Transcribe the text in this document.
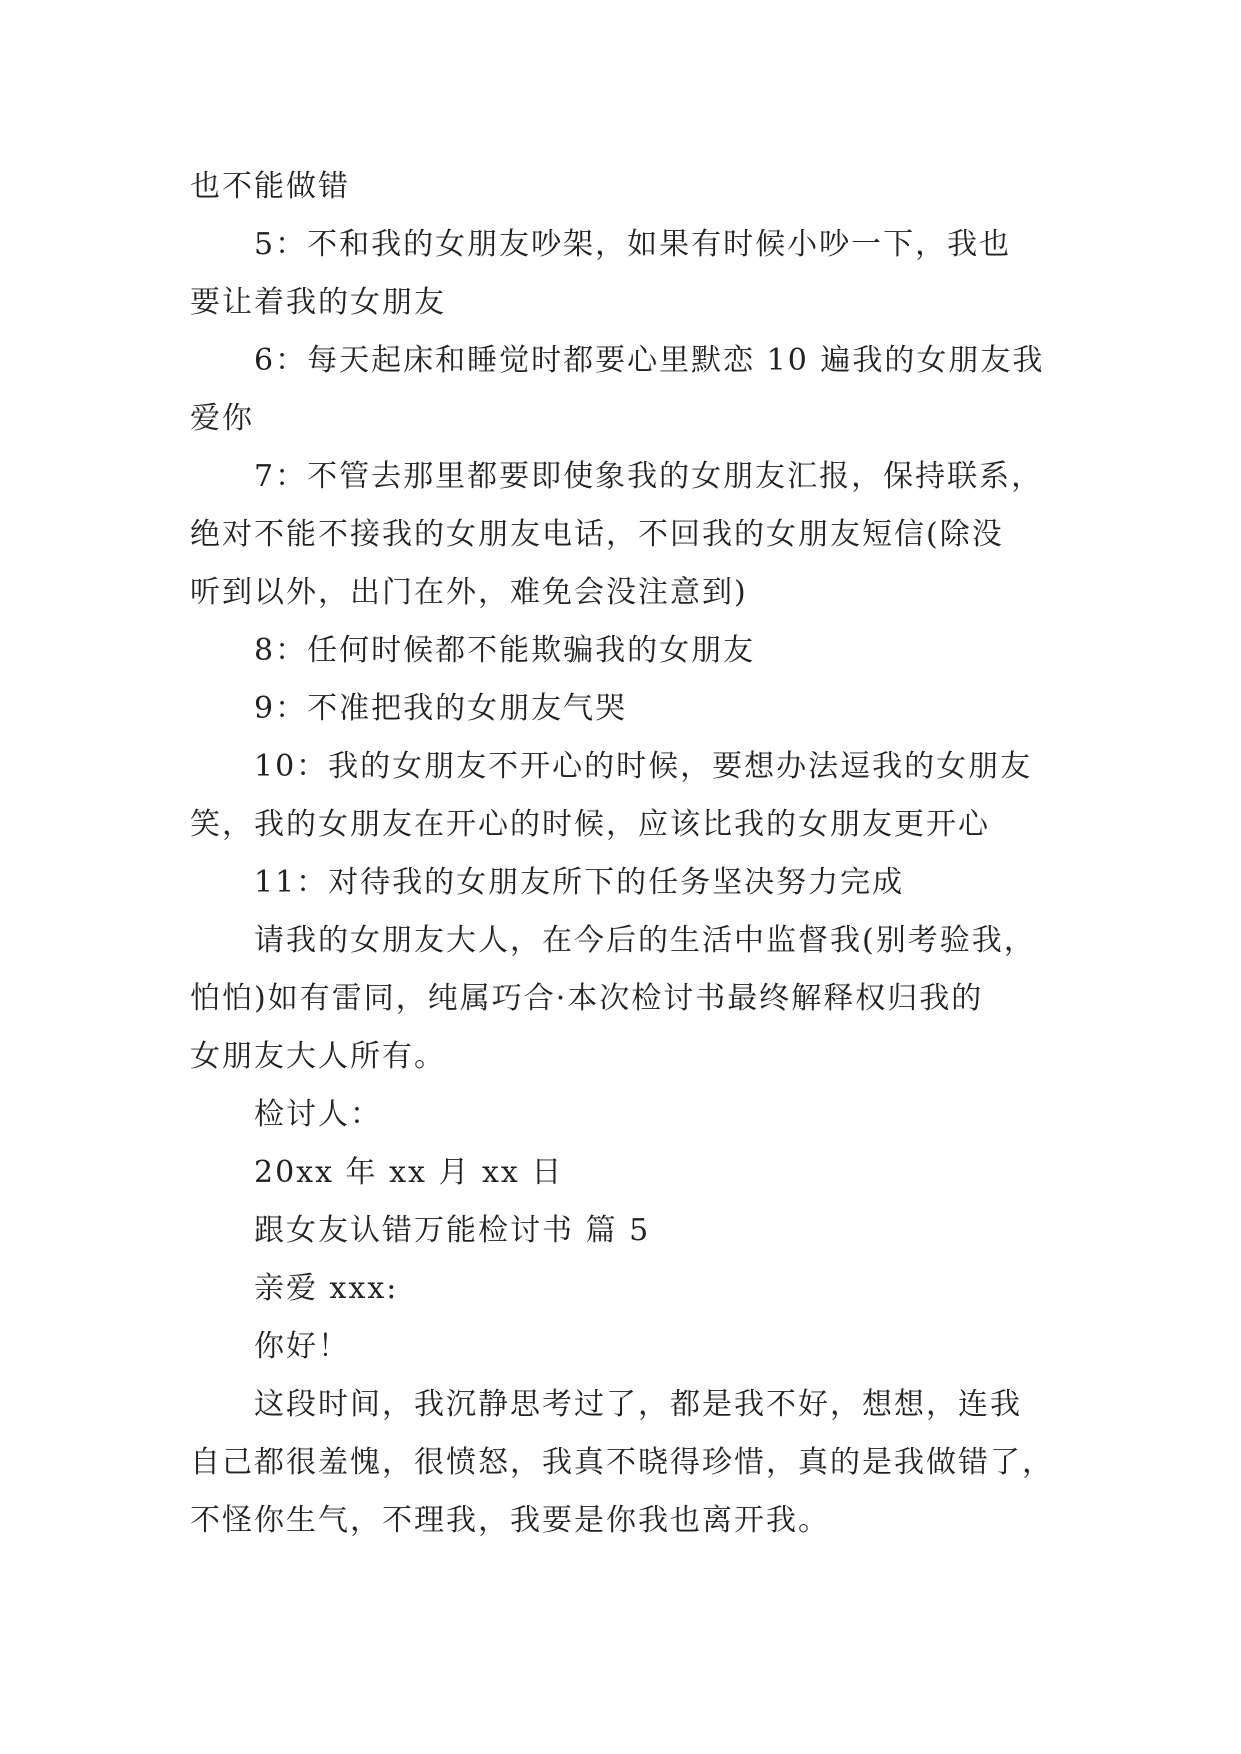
也不能做错
5：不和我的女朋友吵架，如果有时候小吵一下，我也
要让着我的女朋友
6：每天起床和睡觉时都要心里默恋 10 遍我的女朋友我
爱你
7：不管去那里都要即使象我的女朋友汇报，保持联系，
绝对不能不接我的女朋友电话，不回我的女朋友短信(除没
听到以外，出门在外，难免会没注意到)
8：任何时候都不能欺骗我的女朋友
9：不准把我的女朋友气哭
10：我的女朋友不开心的时候，要想办法逗我的女朋友
笑，我的女朋友在开心的时候，应该比我的女朋友更开心
11：对待我的女朋友所下的任务坚决努力完成
请我的女朋友大人，在今后的生活中监督我(别考验我，
怕怕)如有雷同，纯属巧合·本次检讨书最终解释权归我的
女朋友大人所有。
检讨人：
20xx 年 xx 月 xx 日
跟女友认错万能检讨书 篇 5
亲爱 xxx:
你好！
这段时间，我沉静思考过了，都是我不好，想想，连我
自己都很羞愧，很愤怒，我真不晓得珍惜，真的是我做错了，
不怪你生气，不理我，我要是你我也离开我。
